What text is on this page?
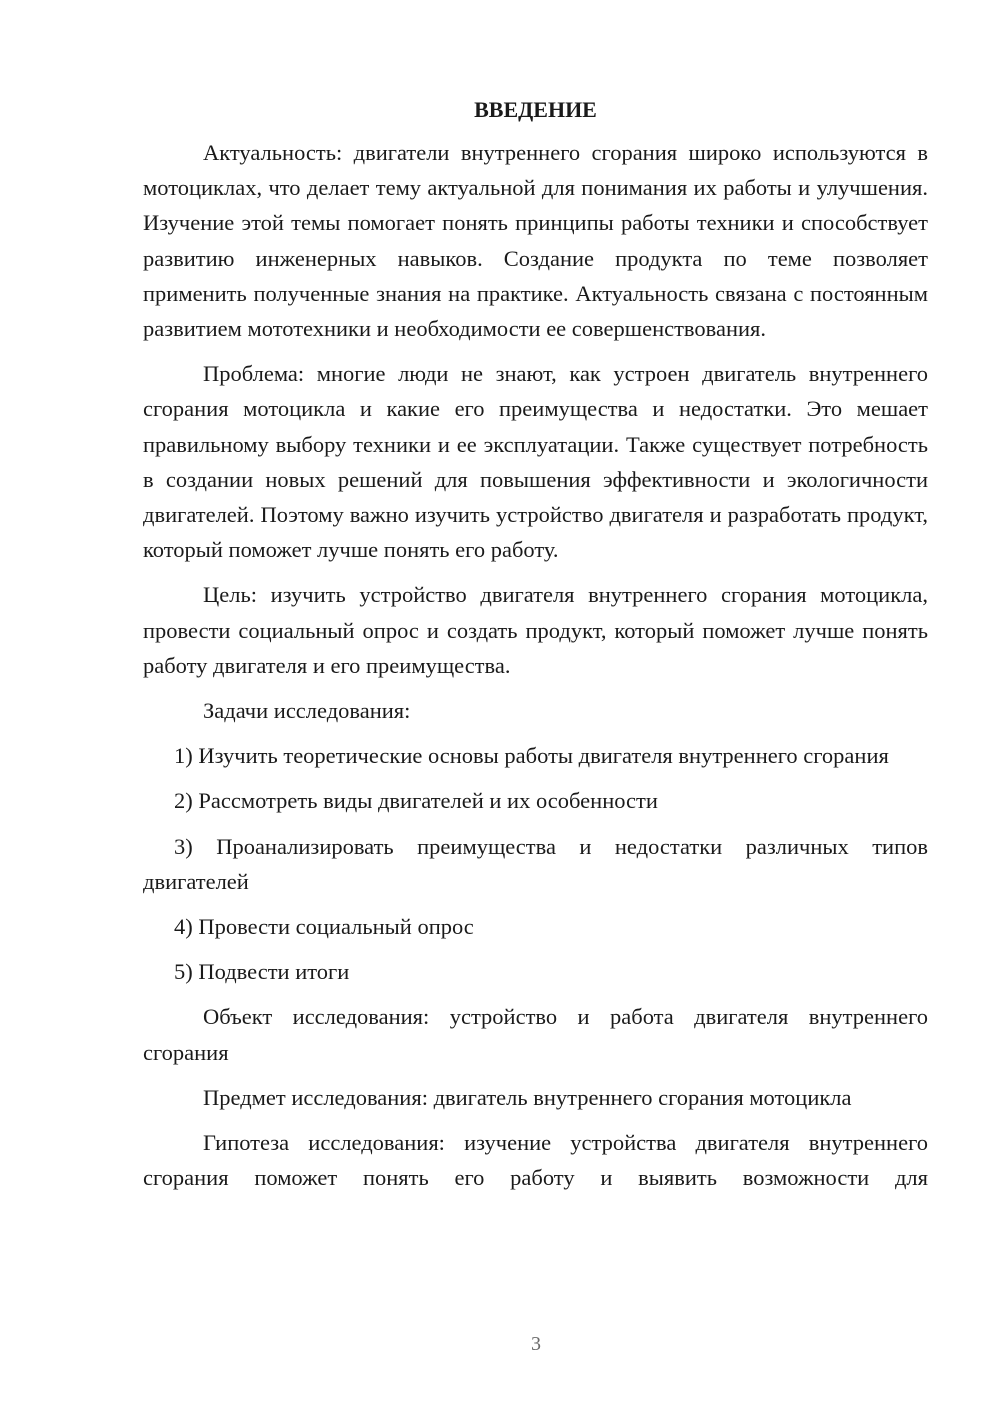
ВВЕДЕНИЕ

Актуальность: двигатели внутреннего сгорания широко используются в мотоциклах, что делает тему актуальной для понимания их работы и улучшения. Изучение этой темы помогает понять принципы работы техники и способствует развитию инженерных навыков. Создание продукта по теме позволяет применить полученные знания на практике. Актуальность связана с постоянным развитием мототехники и необходимости ее совершенствования.

Проблема: многие люди не знают, как устроен двигатель внутреннего сгорания мотоцикла и какие его преимущества и недостатки. Это мешает правильному выбору техники и ее эксплуатации. Также существует потребность в создании новых решений для повышения эффективности и экологичности двигателей. Поэтому важно изучить устройство двигателя и разработать продукт, который поможет лучше понять его работу.

Цель: изучить устройство двигателя внутреннего сгорания мотоцикла, провести социальный опрос и создать продукт, который поможет лучше понять работу двигателя и его преимущества.

Задачи исследования:

1) Изучить теоретические основы работы двигателя внутреннего сгорания

2) Рассмотреть виды двигателей и их особенности

3) Проанализировать преимущества и недостатки различных типов двигателей

4) Провести социальный опрос

5) Подвести итоги

Объект исследования: устройство и работа двигателя внутреннего сгорания

Предмет исследования: двигатель внутреннего сгорания мотоцикла

Гипотеза исследования: изучение устройства двигателя внутреннего сгорания поможет понять его работу и выявить возможности для

3
